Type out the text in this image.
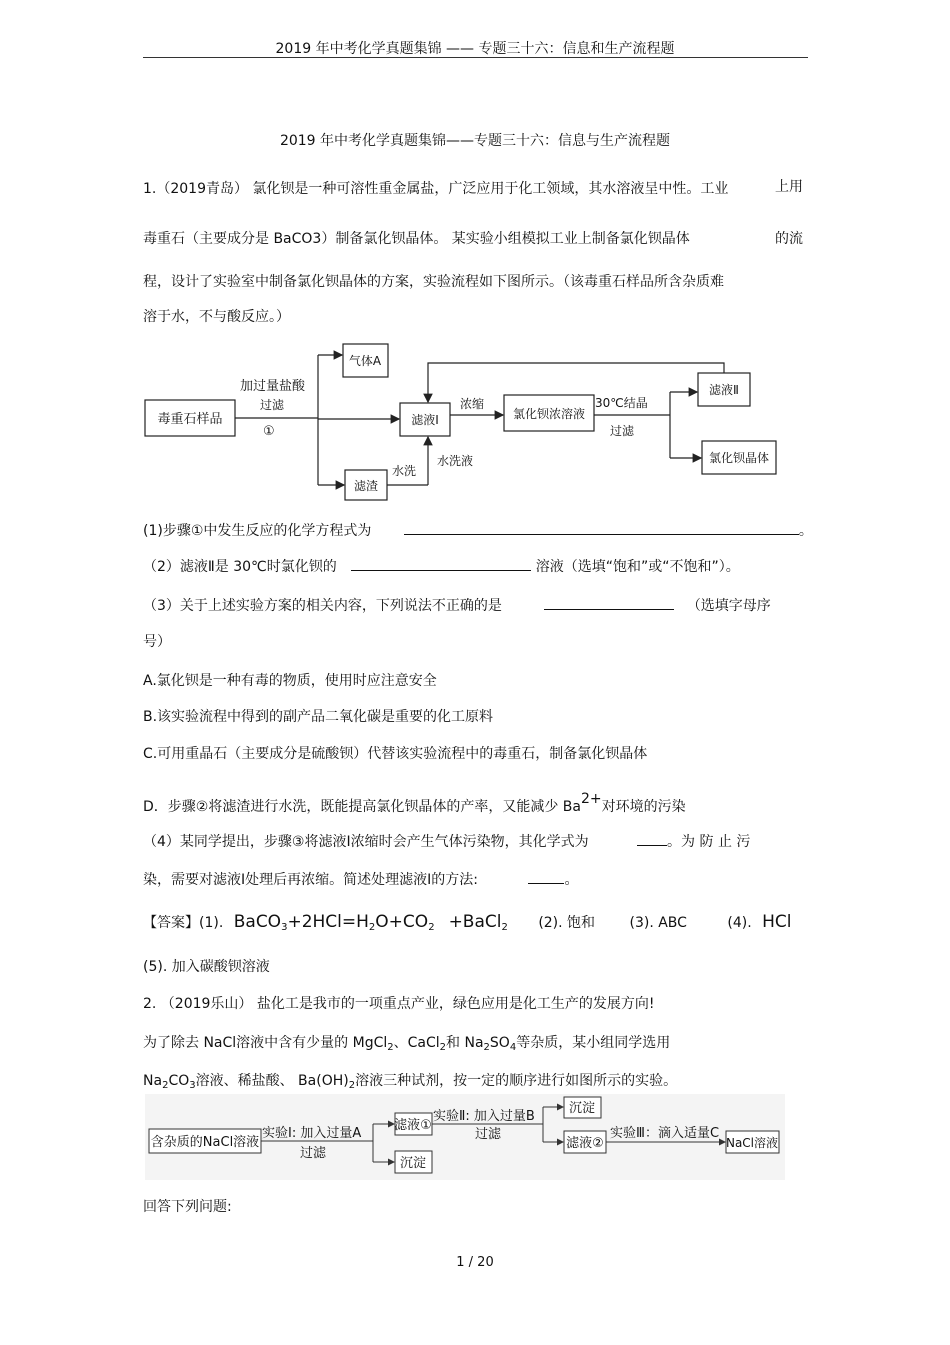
2019 年中考化学真题集锦 —— 专题三十六：信息和生产流程题
2019 年中考化学真题集锦——专题三十六：信息与生产流程题
1.（2019青岛） 氯化钡是一种可溶性重金属盐，广泛应用于化工领域，其水溶液呈中性。工业	上用
毒重石（主要成分是 BaCO3）制备氯化钡晶体。 某实验小组模拟工业上制备氯化钡晶体	的流
程，设计了实验室中制备氯化钡晶体的方案，实验流程如下图所示。（该毒重石样品所含杂质难
溶于水，不与酸反应。）
毒重石样品
气体A
滤液Ⅰ
滤渣
氯化钡浓溶液
滤液Ⅱ
氯化钡晶体
加过量盐酸
过滤
①
浓缩	30℃结晶
过滤
水洗
水洗液
(1)步骤①中发生反应的化学方程式为	。
（2）滤液Ⅱ是 30℃时氯化钡的	溶液（选填“饱和”或“不饱和”）。
（3）关于上述实验方案的相关内容，下列说法不正确的是	（选填字母序
号）
A.氯化钡是一种有毒的物质，使用时应注意安全
B.该实验流程中得到的副产品二氧化碳是重要的化工原料
C.可用重晶石（主要成分是硫酸钡）代替该实验流程中的毒重石，制备氯化钡晶体
D．步骤②将滤渣进行水洗，既能提高氯化钡晶体的产率，又能减少 Ba2+对环境的污染
（4）某同学提出，步骤③将滤液Ⅰ浓缩时会产生气体污染物，其化学式为	。为 防 止 污
染，需要对滤液Ⅰ处理后再浓缩。简述处理滤液Ⅰ的方法:	。
【答案】(1). $BaCO_3+2HCl=H_2O+CO_2$ +BaCl$_2$ (2). 饱和 (3). ABC	(4). HCl
(5). 加入碳酸钡溶液
2. （2019乐山） 盐化工是我市的一项重点产业，绿色应用是化工生产的发展方向!
为了除去 NaCl溶液中含有少量的 MgCl$_2$、CaCl$_2$和 $Na_2SO_4$等杂质，某小组同学选用
$Na_2CO_3$溶液、稀盐酸、 $Ba(OH)_2$溶液三种试剂，按一定的顺序进行如图所示的实验。
含杂质的NaCl溶液
实验Ⅰ: 加入过量A
过滤
滤液①
沉淀
实验Ⅱ: 加入过量B
过滤
沉淀
滤液②
实验Ⅲ：滴入适量C
NaCl溶液
回答下列问题:
1 / 20
